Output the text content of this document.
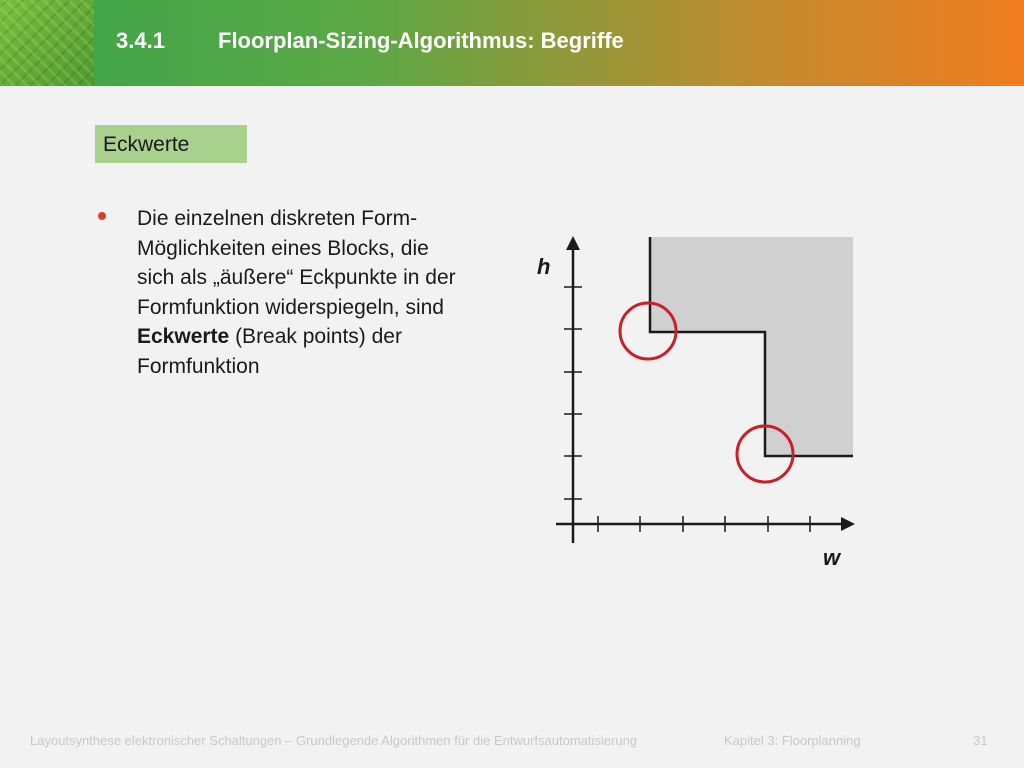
3.4.1 Floorplan-Sizing-Algorithmus: Begriffe
Eckwerte
Die einzelnen diskreten Form-Möglichkeiten eines Blocks, die sich als „äußere“ Eckpunkte in der Formfunktion widerspiegeln, sind Eckwerte (Break points) der Formfunktion
h
w
Layoutsynthese elektronischer Schaltungen – Grundlegende Algorithmen für die Entwurfsautomatisierung	Kapitel 3: Floorplanning	31
